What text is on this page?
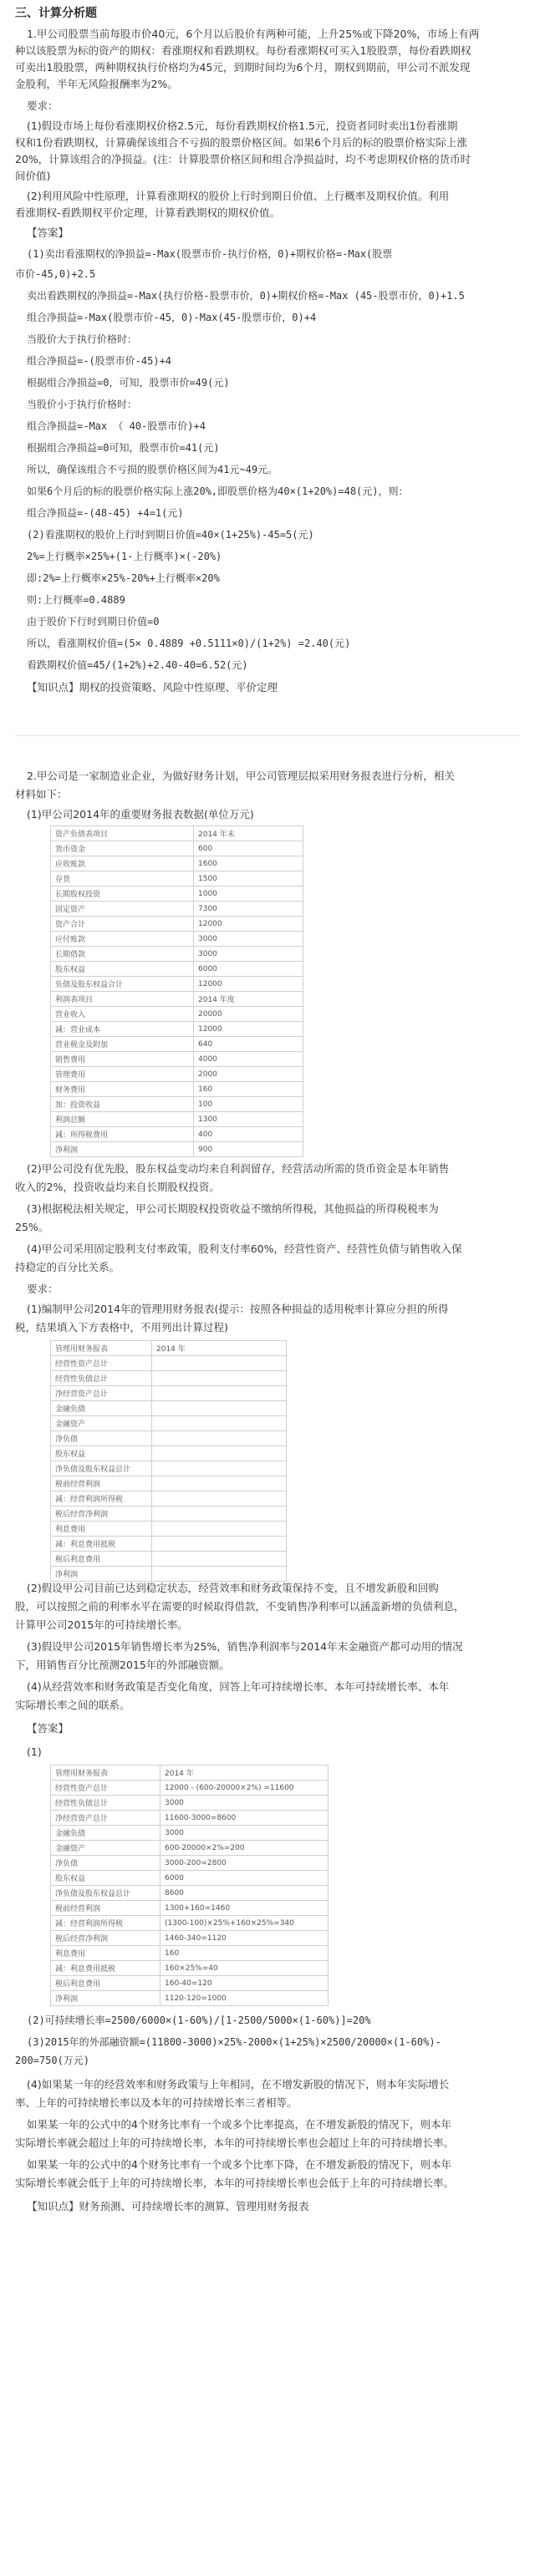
三、计算分析题
1.甲公司股票当前每股市价40元，6个月以后股价有两种可能，上升25%或下降20%，市场上有两
种以该股票为标的资产的期权：看涨期权和看跌期权。每份看涨期权可买入1股股票，每份看跌期权
可卖出1股股票，两种期权执行价格均为45元，到期时间均为6个月，期权到期前，甲公司不派发现
金股利，半年无风险报酬率为2%。
要求：
(1)假设市场上每份看涨期权价格2.5元，每份看跌期权价格1.5元，投资者同时卖出1份看涨期
权和1份看跌期权，计算确保该组合不亏损的股票价格区间。如果6个月后的标的股票价格实际上涨
20%，计算该组合的净损益。(注：计算股票价格区间和组合净损益时，均不考虑期权价格的货币时
间价值)
(2)利用风险中性原理，计算看涨期权的股价上行时到期日价值、上行概率及期权价值。利用
看涨期权-看跌期权平价定理，计算看跌期权的期权价值。
【答案】
(1)卖出看涨期权的净损益=-Max(股票市价-执行价格，0)+期权价格=-Max(股票
市价-45,0)+2.5
卖出看跌期权的净损益=-Max(执行价格-股票市价，0)+期权价格=-Max (45-股票市价，0)+1.5
组合净损益=-Max(股票市价-45，0)-Max(45-股票市价，0)+4
当股价大于执行价格时：
组合净损益=-(股票市价-45)+4
根据组合净损益=0，可知，股票市价=49(元)
当股价小于执行价格时：
组合净损益=-Max （ 40-股票市价)+4
根据组合净损益=0可知，股票市价=41(元)
所以，确保该组合不亏损的股票价格区间为41元~49元。
如果6个月后的标的股票价格实际上涨20%,即股票价格为40×(1+20%)=48(元)，则：
组合净损益=-(48-45) +4=1(元)
(2)看涨期权的股价上行时到期日价值=40×(1+25%)-45=5(元)
2%=上行概率×25%+(1-上行概率)×(-20%)
即:2%=上行概率×25%-20%+上行概率×20%
则:上行概率=0.4889
由于股价下行时到期日价值=0
所以，看涨期权价值=(5× 0.4889 +0.5111×0)/(1+2%) =2.40(元)
看跌期权价值=45/(1+2%)+2.40-40=6.52(元)
【知识点】期权的投资策略、风险中性原理、平价定理
2.甲公司是一家制造业企业，为做好财务计划，甲公司管理层拟采用财务报表进行分析，相关
材料如下：
(1)甲公司2014年的重要财务报表数据(单位万元)
资产负债表项目	2014 年末
货币资金	600
应收账款	1600
存货	1500
长期股权投资	1000
固定资产	7300
资产合计	12000
应付账款	3000
长期借款	3000
股东权益	6000
负债及股东权益合计	12000
利润表项目	2014 年度
营业收入	20000
减：营业成本	12000
营业税金及附加	640
销售费用	4000
管理费用	2000
财务费用	160
加：投资收益	100
利润总额	1300
减：所得税费用	400
净利润	900
(2)甲公司没有优先股，股东权益变动均来自利润留存，经营活动所需的货币资金是本年销售
收入的2%，投资收益均来自长期股权投资。
(3)根据税法相关规定，甲公司长期股权投资收益不缴纳所得税，其他损益的所得税税率为
25%。
(4)甲公司采用固定股利支付率政策，股利支付率60%，经营性资产、经营性负债与销售收入保
持稳定的百分比关系。
要求：
(1)编制甲公司2014年的管理用财务报表(提示：按照各种损益的适用税率计算应分担的所得
税，结果填入下方表格中，不用列出计算过程)
管理用财务报表	2014 年
经营性资产总计	
经营性负债总计	
净经营资产总计	
金融负债	
金融资产	
净负债	
股东权益	
净负债及股东权益总计	
税前经营利润	
减：经营利润所得税	
税后经营净利润	
利息费用	
减：利息费用抵税	
税后利息费用	
净利润	
(2)假设甲公司目前已达到稳定状态，经营效率和财务政策保持不变，且不增发新股和回购
股，可以按照之前的利率水平在需要的时候取得借款，不变销售净利率可以涵盖新增的负债利息，
计算甲公司2015年的可持续增长率。
(3)假设甲公司2015年销售增长率为25%，销售净利润率与2014年末金融资产都可动用的情况
下，用销售百分比预测2015年的外部融资额。
(4)从经营效率和财务政策是否变化角度，回答上年可持续增长率、本年可持续增长率、本年
实际增长率之间的联系。
【答案】
(1)
管理用财务报表	2014 年
经营性资产总计	12000 - (600-20000×2%) =11600
经营性负债总计	3000
净经营资产总计	11600-3000=8600
金融负债	3000
金融资产	600-20000×2%=200
净负债	3000-200=2800
股东权益	6000
净负债及股东权益总计	8600
税前经营利润	1300+160=1460
减：经营利润所得税	(1300-100)×25%+160×25%=340
税后经营净利润	1460-340=1120
利息费用	160
减：利息费用抵税	160×25%=40
税后利息费用	160-40=120
净利润	1120-120=1000
(2)可持续增长率=2500/6000×(1-60%)/[1-2500/5000×(1-60%)]=20%
(3)2015年的外部融资额=(11800-3000)×25%-2000×(1+25%)×2500/20000×(1-60%)-
200=750(万元)
(4)如果某一年的经营效率和财务政策与上年相同，在不增发新股的情况下，则本年实际增长
率、上年的可持续增长率以及本年的可持续增长率三者相等。
如果某一年的公式中的4个财务比率有一个或多个比率提高，在不增发新股的情况下，则本年
实际增长率就会超过上年的可持续增长率，本年的可持续增长率也会超过上年的可持续增长率。
如果某一年的公式中的4个财务比率有一个或多个比率下降，在不增发新股的情况下，则本年
实际增长率就会低于上年的可持续增长率，本年的可持续增长率也会低于上年的可持续增长率。
【知识点】财务预测、可持续增长率的测算、管理用财务报表
